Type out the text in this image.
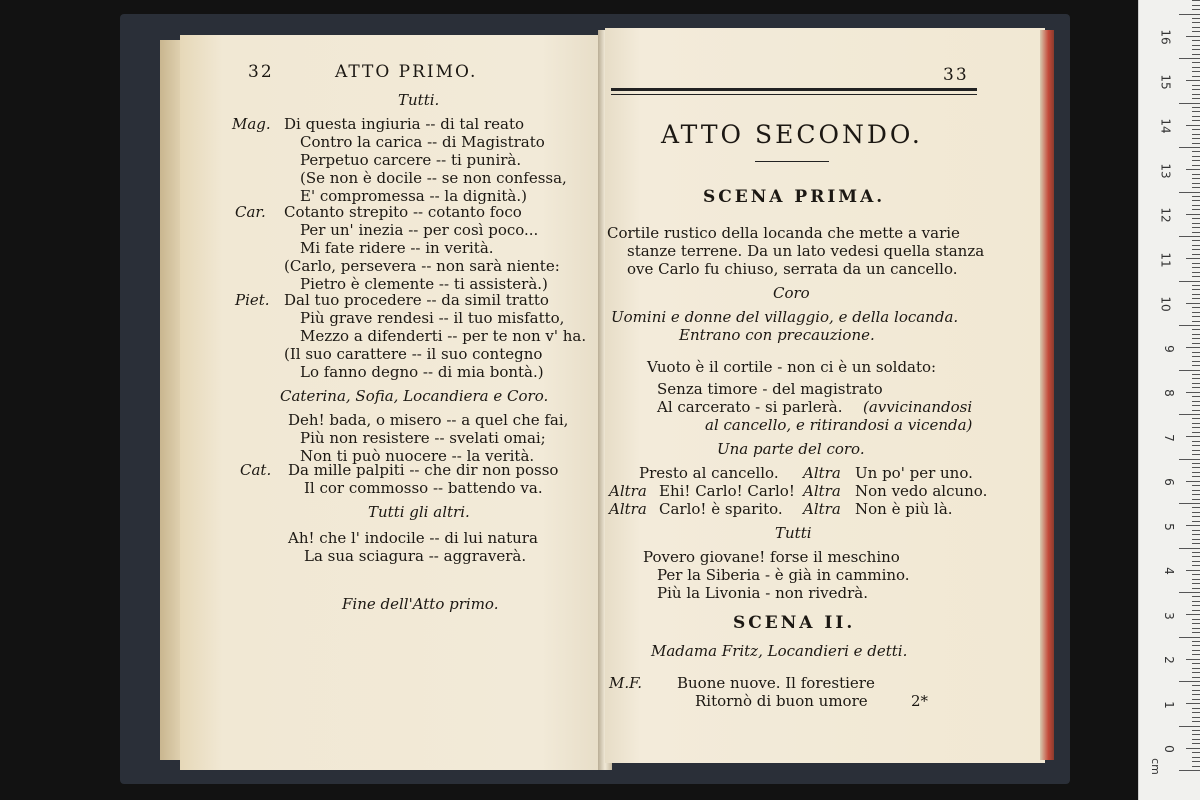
32	ATTO PRIMO.
Tutti.
Mag. Di questa ingiuria -- di tal reato
Contro la carica -- di Magistrato
Perpetuo carcere -- ti punirà.
(Se non è docile -- se non confessa,
E' compromessa -- la dignità.)
Car. Cotanto strepito -- cotanto foco
Per un' inezia -- per così poco...
Mi fate ridere -- in verità.
(Carlo, persevera -- non sarà niente:
Pietro è clemente -- ti assisterà.)
Piet. Dal tuo procedere -- da simil tratto
Più grave rendesi -- il tuo misfatto,
Mezzo a difenderti -- per te non v' ha.
(Il suo carattere -- il suo contegno
Lo fanno degno -- di mia bontà.)
Caterina, Sofia, Locandiera e Coro.
Deh! bada, o misero -- a quel che fai,
Più non resistere -- svelati omai;
Non ti può nuocere -- la verità.
Cat. Da mille palpiti -- che dir non posso
Il cor commosso -- battendo va.
Tutti gli altri.
Ah! che l' indocile -- di lui natura
La sua sciagura -- aggraverà.
Fine dell'Atto primo.
33
ATTO SECONDO.
SCENA PRIMA.
Cortile rustico della locanda che mette a varie
stanze terrene. Da un lato vedesi quella stanza
ove Carlo fu chiuso, serrata da un cancello.
Coro
Uomini e donne del villaggio, e della locanda.
Entrano con precauzione.
Vuoto è il cortile - non ci è un soldato:
Senza timore - del magistrato
Al carcerato - si parlerà. (avvicinandosi
al cancello, e ritirandosi a vicenda)
Una parte del coro.
Presto al cancello. Altra Un po' per uno.
Altra Ehi! Carlo! Carlo! Altra Non vedo alcuno.
Altra Carlo! è sparito. Altra Non è più là.
Tutti
Povero giovane! forse il meschino
Per la Siberia - è già in cammino.
Più la Livonia - non rivedrà.
SCENA II.
Madama Fritz, Locandieri e detti.
M.F. Buone nuove. Il forestiere
Ritornò di buon umore	2*
cm
0
1
2
3
4
5
6
7
8
9
10
11
12
13
14
15
16
